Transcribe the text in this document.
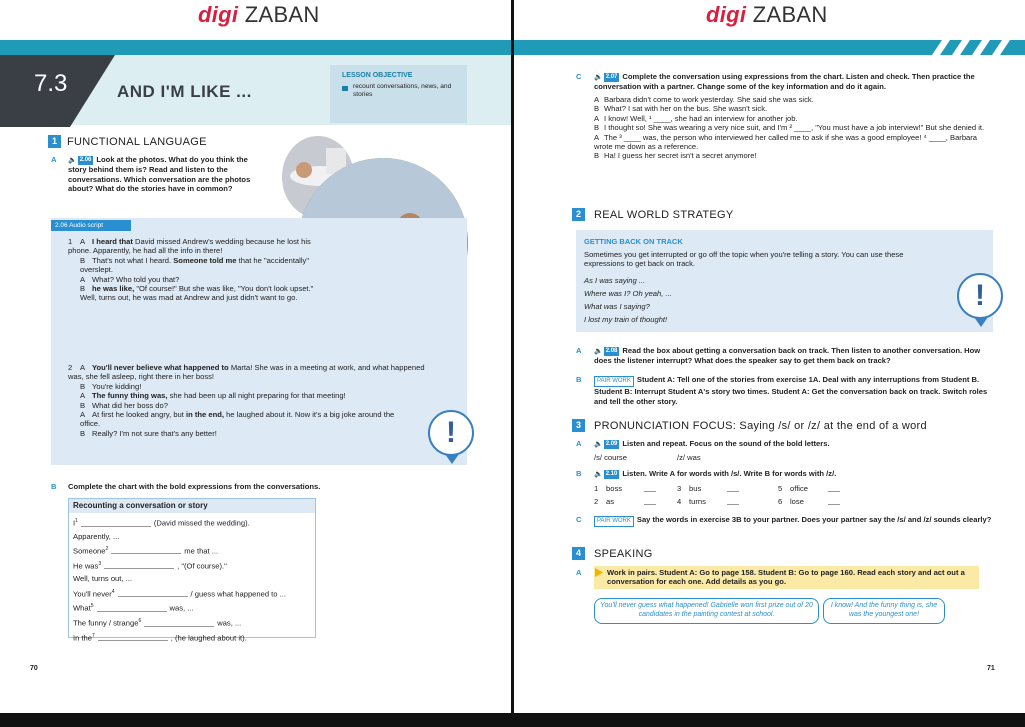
digi ZABAN
7.3	AND I'M LIKE ...
LESSON OBJECTIVE
recount conversations, news, and stories
1 FUNCTIONAL LANGUAGE
A 🔈 2.06 Look at the photos. What do you think the story behind them is? Read and listen to the conversations. Which conversation are the photos about? What do the stories have in common?
2.06 Audio script
1 A I heard that David missed Andrew's wedding because he lost his phone. Apparently, he had all the info in there!
B That's not what I heard. Someone told me that he "accidentally" overslept.
A What? Who told you that?
B he was like, "Of course!" But she was like, "You don't look upset." Well, turns out, he was mad at Andrew and just didn't want to go.
2 A You'll never believe what happened to Marta! She was in a meeting at work, and what happened was, she fell asleep, right there in her boss!
B You're kidding!
A The funny thing was, she had been up all night preparing for that meeting!
B What did her boss do?
A At first he looked angry, but in the end, he laughed about it. Now it's a big joke around the office.
B Really? I'm not sure that's any better!	!
B Complete the chart with the bold expressions from the conversations.
Recounting a conversation or story
$I^1$	(David missed the wedding).
Apparently, ...
Someone$^2$	me that ...
He was$^3$	, "(Of course)."
Well, turns out, ...
You'll never$^4$	/ guess what happened to ...
What$^5$	was, ...
The funny / strange$^6$	was, ...
In the$^7$	, (he laughed about it).
70
digi ZABAN
C 🔈 2.07 Complete the conversation using expressions from the chart. Listen and check. Then practice the conversation with a partner. Change some of the key information and do it again.
A Barbara didn't come to work yesterday. She said she was sick.
B What? I sat with her on the bus. She wasn't sick.
A I know! Well, ¹ ____, she had an interview for another job.
B I thought so! She was wearing a very nice suit, and I'm ² ____, "You must have a job interview!" But she denied it.
A The ³ ____ was, the person who interviewed her called me to ask if she was a good employee! ⁴ ____, Barbara wrote me down as a reference.
B Ha! I guess her secret isn't a secret anymore!
2	REAL WORLD STRATEGY
GETTING BACK ON TRACK
Sometimes you get interrupted or go off the topic when you're telling a story. You can use these expressions to get back on track.
As I was saying ...
Where was I? Oh yeah, ...
What was I saying?
I lost my train of thought!
!
A 🔈 2.08 Read the box about getting a conversation back on track. Then listen to another conversation. How does the listener interrupt? What does the speaker say to get them back on track?
B	PAIR WORK Student A: Tell one of the stories from exercise 1A. Deal with any interruptions from Student B. Student B: Interrupt Student A's story two times. Student A: Get the conversation back on track. Switch roles and tell the other story.
3	PRONUNCIATION FOCUS: Saying /s/ or /z/ at the end of a word
A 🔈 2.09 Listen and repeat. Focus on the sound of the bold letters.
/s/ course	/z/ was
B 🔈 2.10 Listen. Write A for words with /s/. Write B for words with /z/.
1 boss	3 bus	5 office
2 as	4 turns	6 lose
C	PAIR WORK Say the words in exercise 3B to your partner. Does your partner say the /s/ and /z/ sounds clearly?
4	SPEAKING
A	Work in pairs. Student A: Go to page 158. Student B: Go to page 160. Read each story and act out a conversation for each one. Add details as you go.
You'll never guess what happened! Gabrielle won first prize out of 20 candidates in the painting contest at school.
I know! And the funny thing is, she was the youngest one!
71
